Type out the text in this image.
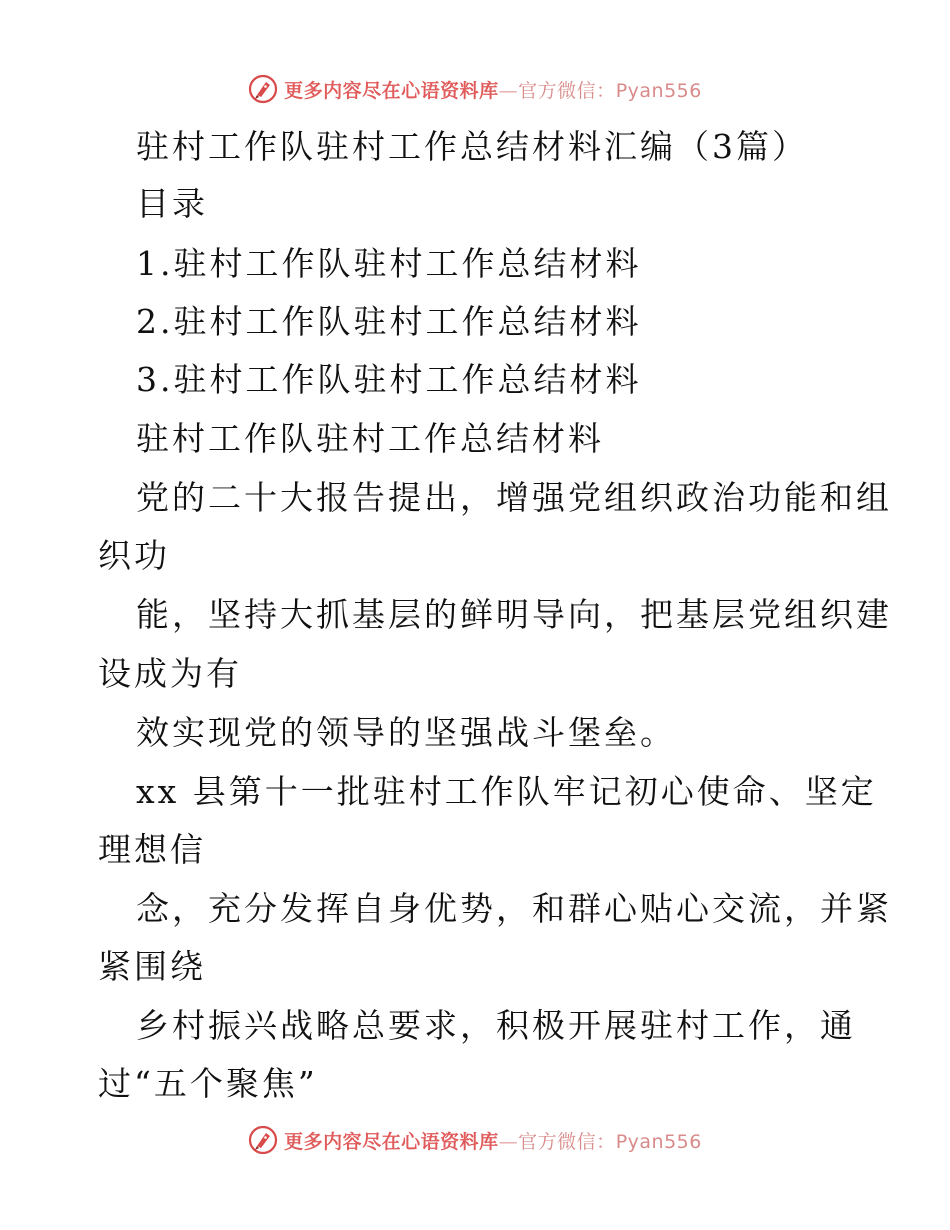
更多内容尽在心语资料库—官方微信：Pyan556
驻村工作队驻村工作总结材料汇编（3篇）
目录
1.驻村工作队驻村工作总结材料
2.驻村工作队驻村工作总结材料
3.驻村工作队驻村工作总结材料
驻村工作队驻村工作总结材料
党的二十大报告提出，增强党组织政治功能和组
织功
能，坚持大抓基层的鲜明导向，把基层党组织建
设成为有
效实现党的领导的坚强战斗堡垒。
xx 县第十一批驻村工作队牢记初心使命、坚定
理想信
念，充分发挥自身优势，和群心贴心交流，并紧
紧围绕
乡村振兴战略总要求，积极开展驻村工作，通
过“五个聚焦”
更多内容尽在心语资料库—官方微信：Pyan556
